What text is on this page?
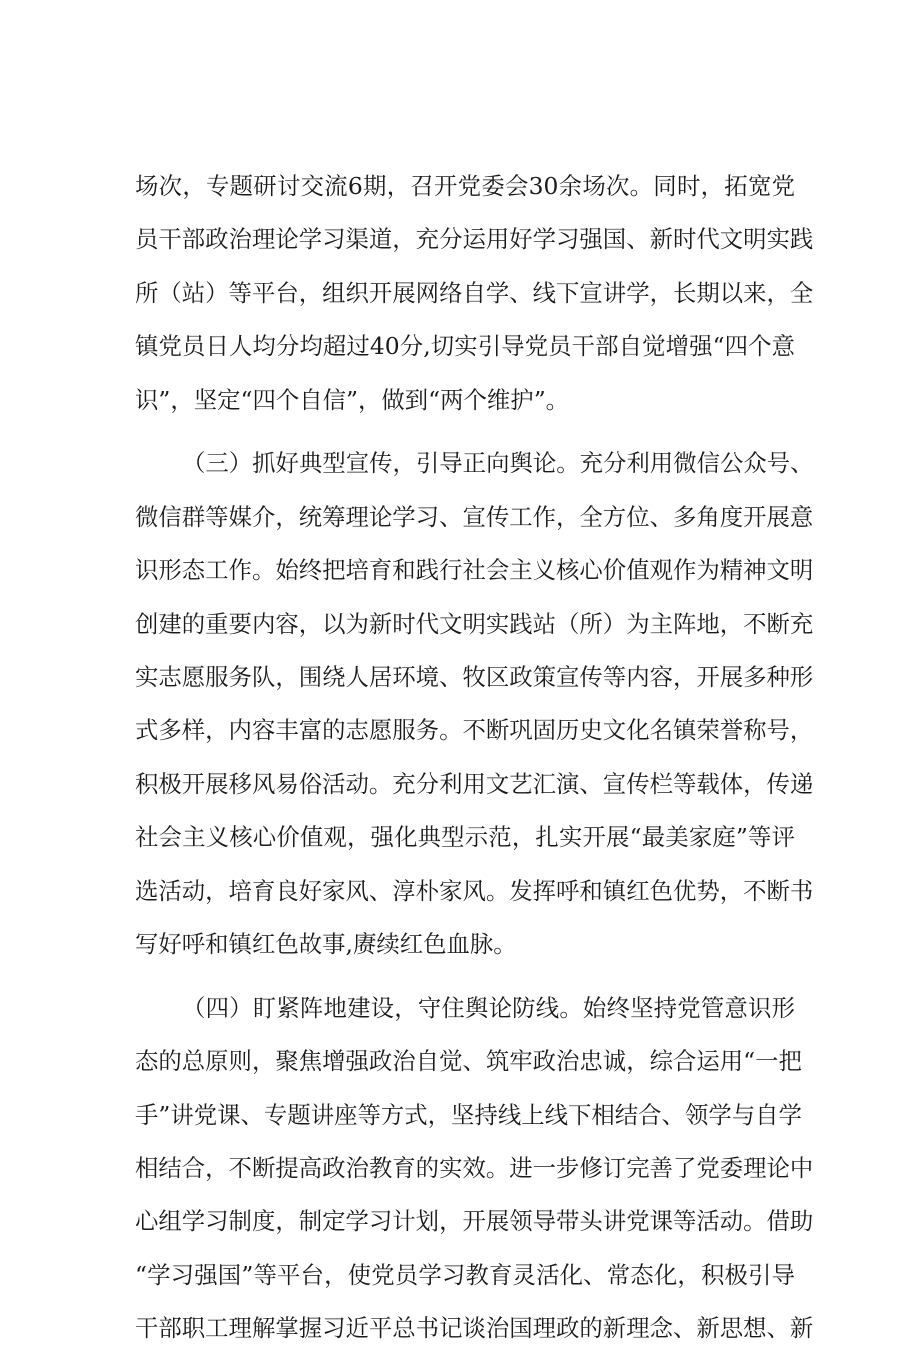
场次，专题研讨交流6期，召开党委会30余场次。同时，拓宽党
员干部政治理论学习渠道，充分运用好学习强国、新时代文明实践
所（站）等平台，组织开展网络自学、线下宣讲学，长期以来，全
镇党员日人均分均超过40分,切实引导党员干部自觉增强“四个意
识”，坚定“四个自信”，做到“两个维护”。
（三）抓好典型宣传，引导正向舆论。充分利用微信公众号、
微信群等媒介，统筹理论学习、宣传工作，全方位、多角度开展意
识形态工作。始终把培育和践行社会主义核心价值观作为精神文明
创建的重要内容，以为新时代文明实践站（所）为主阵地，不断充
实志愿服务队，围绕人居环境、牧区政策宣传等内容，开展多种形
式多样，内容丰富的志愿服务。不断巩固历史文化名镇荣誉称号，
积极开展移风易俗活动。充分利用文艺汇演、宣传栏等载体，传递
社会主义核心价值观，强化典型示范，扎实开展“最美家庭”等评
选活动，培育良好家风、淳朴家风。发挥呼和镇红色优势，不断书
写好呼和镇红色故事,赓续红色血脉。
（四）盯紧阵地建设，守住舆论防线。始终坚持党管意识形
态的总原则，聚焦增强政治自觉、筑牢政治忠诚，综合运用“一把
手”讲党课、专题讲座等方式，坚持线上线下相结合、领学与自学
相结合，不断提高政治教育的实效。进一步修订完善了党委理论中
心组学习制度，制定学习计划，开展领导带头讲党课等活动。借助
“学习强国”等平台，使党员学习教育灵活化、常态化，积极引导
干部职工理解掌握习近平总书记谈治国理政的新理念、新思想、新
